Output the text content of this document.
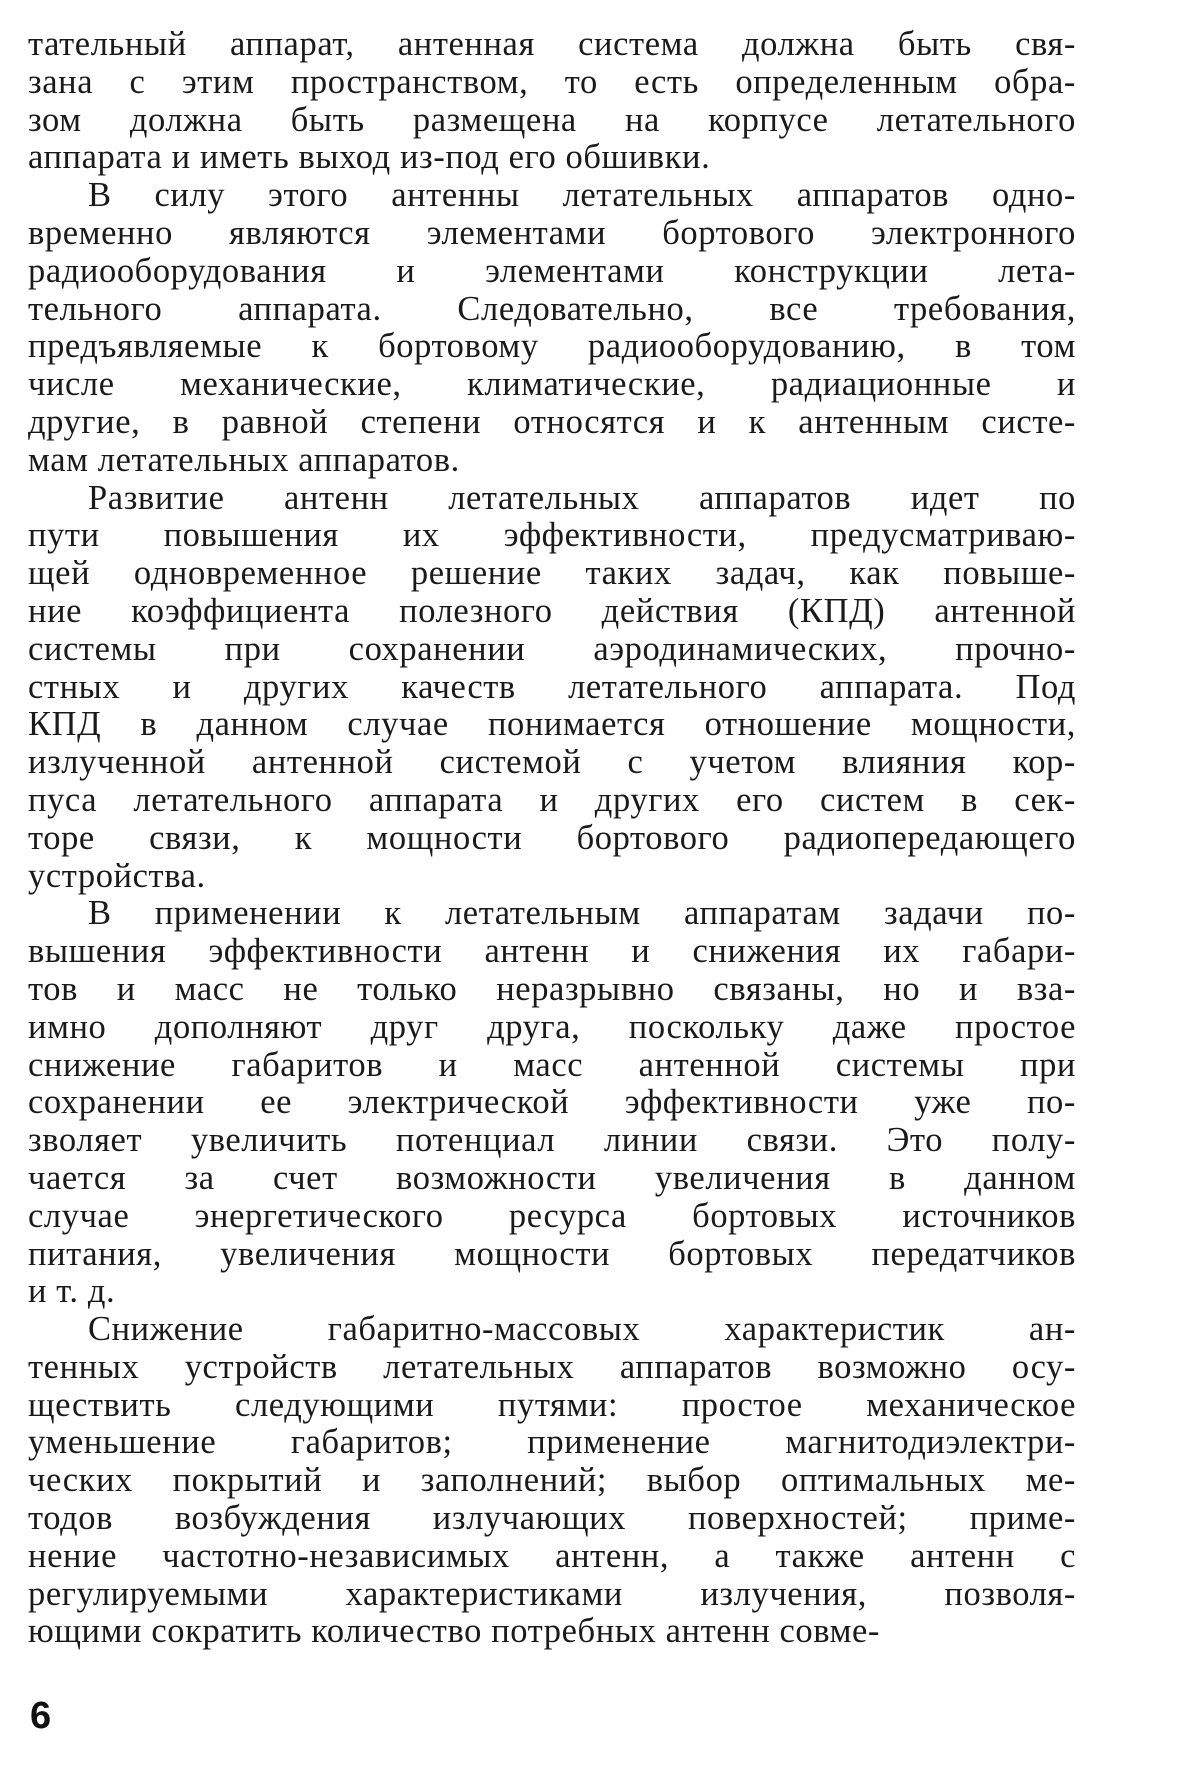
тательный аппарат, антенная система должна быть свя-
зана с этим пространством, то есть определенным обра-
зом должна быть размещена на корпусе летательного
аппарата и иметь выход из-под его обшивки.
В силу этого антенны летательных аппаратов одно-
временно являются элементами бортового электронного
радиооборудования и элементами конструкции лета-
тельного аппарата. Следовательно, все требования,
предъявляемые к бортовому радиооборудованию, в том
числе механические, климатические, радиационные и
другие, в равной степени относятся и к антенным систе-
мам летательных аппаратов.
Развитие антенн летательных аппаратов идет по
пути повышения их эффективности, предусматриваю-
щей одновременное решение таких задач, как повыше-
ние коэффициента полезного действия (КПД) антенной
системы при сохранении аэродинамических, прочно-
стных и других качеств летательного аппарата. Под
КПД в данном случае понимается отношение мощности,
излученной антенной системой с учетом влияния кор-
пуса летательного аппарата и других его систем в сек-
торе связи, к мощности бортового радиопередающего
устройства.
В применении к летательным аппаратам задачи по-
вышения эффективности антенн и снижения их габари-
тов и масс не только неразрывно связаны, но и вза-
имно дополняют друг друга, поскольку даже простое
снижение габаритов и масс антенной системы при
сохранении ее электрической эффективности уже по-
зволяет увеличить потенциал линии связи. Это полу-
чается за счет возможности увеличения в данном
случае энергетического ресурса бортовых источников
питания, увеличения мощности бортовых передатчиков
и т. д.
Снижение габаритно-массовых характеристик ан-
тенных устройств летательных аппаратов возможно осу-
ществить следующими путями: простое механическое
уменьшение габаритов; применение магнитодиэлектри-
ческих покрытий и заполнений; выбор оптимальных ме-
тодов возбуждения излучающих поверхностей; приме-
нение частотно-независимых антенн, а также антенн с
регулируемыми характеристиками излучения, позволя-
ющими сократить количество потребных антенн совме-
6
